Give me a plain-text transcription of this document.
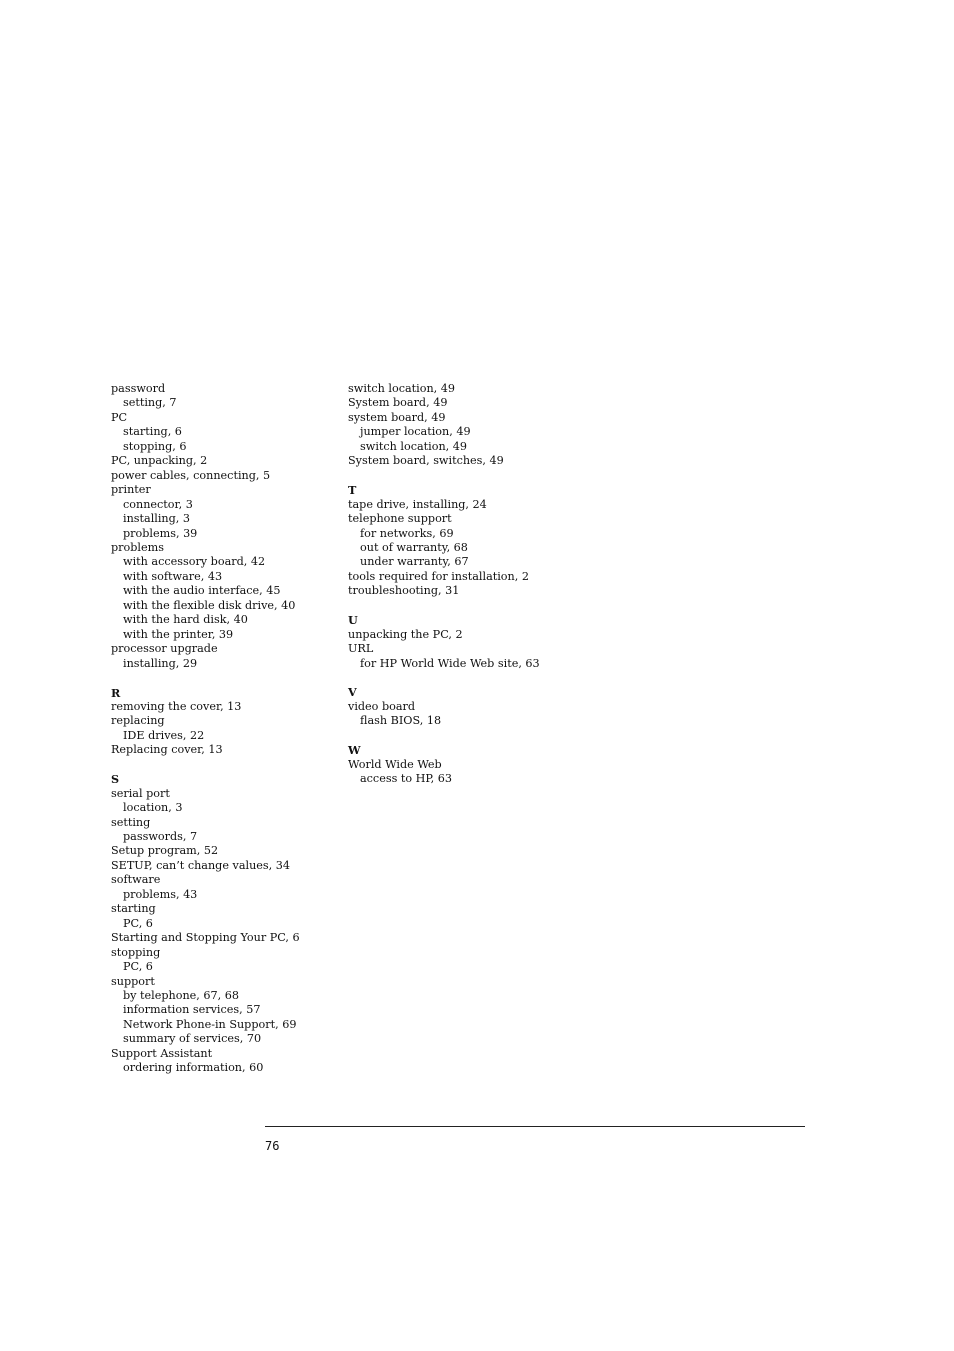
password
setting, 7
PC
starting, 6
stopping, 6
PC, unpacking, 2
power cables, connecting, 5
printer
connector, 3
installing, 3
problems, 39
problems
with accessory board, 42
with software, 43
with the audio interface, 45
with the flexible disk drive, 40
with the hard disk, 40
with the printer, 39
processor upgrade
installing, 29
R
removing the cover, 13
replacing
IDE drives, 22
Replacing cover, 13
S
serial port
location, 3
setting
passwords, 7
Setup program, 52
SETUP, can’t change values, 34
software
problems, 43
starting
PC, 6
Starting and Stopping Your PC, 6
stopping
PC, 6
support
by telephone, 67, 68
information services, 57
Network Phone-in Support, 69
summary of services, 70
Support Assistant
ordering information, 60
switch location, 49
System board, 49
system board, 49
jumper location, 49
switch location, 49
System board, switches, 49
T
tape drive, installing, 24
telephone support
for networks, 69
out of warranty, 68
under warranty, 67
tools required for installation, 2
troubleshooting, 31
U
unpacking the PC, 2
URL
for HP World Wide Web site, 63
V
video board
flash BIOS, 18
W
World Wide Web
access to HP, 63
76
